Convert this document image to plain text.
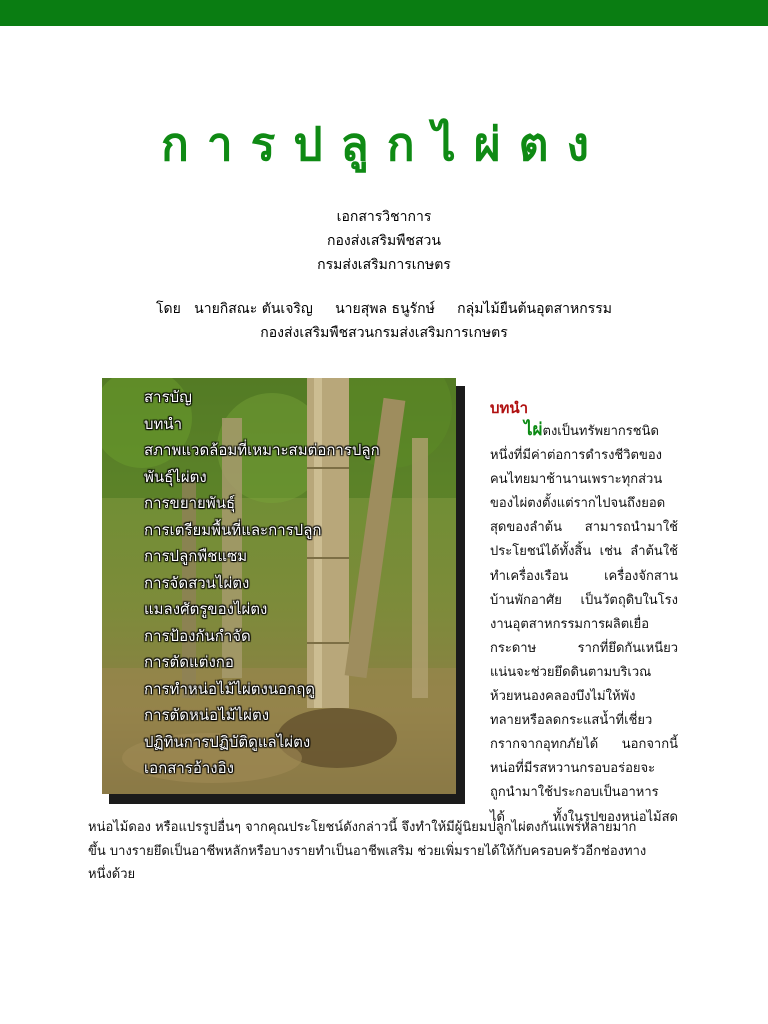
การปลูกไผ่ตง
เอกสารวิชาการ
กองส่งเสริมพืชสวน
กรมส่งเสริมการเกษตร
โดย   นายกิสณะ ตันเจริญ     นายสุพล ธนูรักษ์     กลุ่มไม้ยืนต้นอุตสาหกรรม
กองส่งเสริมพืชสวนกรมส่งเสริมการเกษตร
สารบัญ
บทนำ
สภาพแวดล้อมที่เหมาะสมต่อการปลูก
พันธุ์ไผ่ตง
การขยายพันธุ์
การเตรียมพื้นที่และการปลูก
การปลูกพืชแซม
การจัดสวนไผ่ตง
แมลงศัตรูของไผ่ตง
การป้องกันกำจัด
การตัดแต่งกอ
การทำหน่อไม้ไผ่ตงนอกฤดู
การตัดหน่อไม้ไผ่ตง
ปฏิทินการปฏิบัติดูแลไผ่ตง
เอกสารอ้างอิง
บทนำ
ไผ่ตงเป็นทรัพยากรชนิด
หนึ่งที่มีค่าต่อการดำรงชีวิตของ
คนไทยมาช้านานเพราะทุกส่วน
ของไผ่ตงตั้งแต่รากไปจนถึงยอด
สุดของลำต้น สามารถนำมาใช้
ประโยชน์ได้ทั้งสิ้น เช่น ลำต้นใช้
ทำเครื่องเรือน เครื่องจักสาน
บ้านพักอาศัย เป็นวัตถุดิบในโรง
งานอุตสาหกรรมการผลิตเยื่อ
กระดาษ รากที่ยึดกันเหนียว
แน่นจะช่วยยึดดินตามบริเวณ
ห้วยหนองคลองบึงไม่ให้พัง
ทลายหรือลดกระแสน้ำที่เชี่ยว
กรากจากอุทกภัยได้ นอกจากนี้
หน่อที่มีรสหวานกรอบอร่อยจะ
ถูกนำมาใช้ประกอบเป็นอาหาร
ได้ ทั้งในรูปของหน่อไม้สด
หน่อไม้ดอง หรือแปรรูปอื่นๆ จากคุณประโยชน์ดังกล่าวนี้ จึงทำให้มีผู้นิยมปลูกไผ่ตงกันแพร่หลายมาก
ขึ้น บางรายยึดเป็นอาชีพหลักหรือบางรายทำเป็นอาชีพเสริม ช่วยเพิ่มรายได้ให้กับครอบครัวอีกช่องทาง
หนึ่งด้วย
